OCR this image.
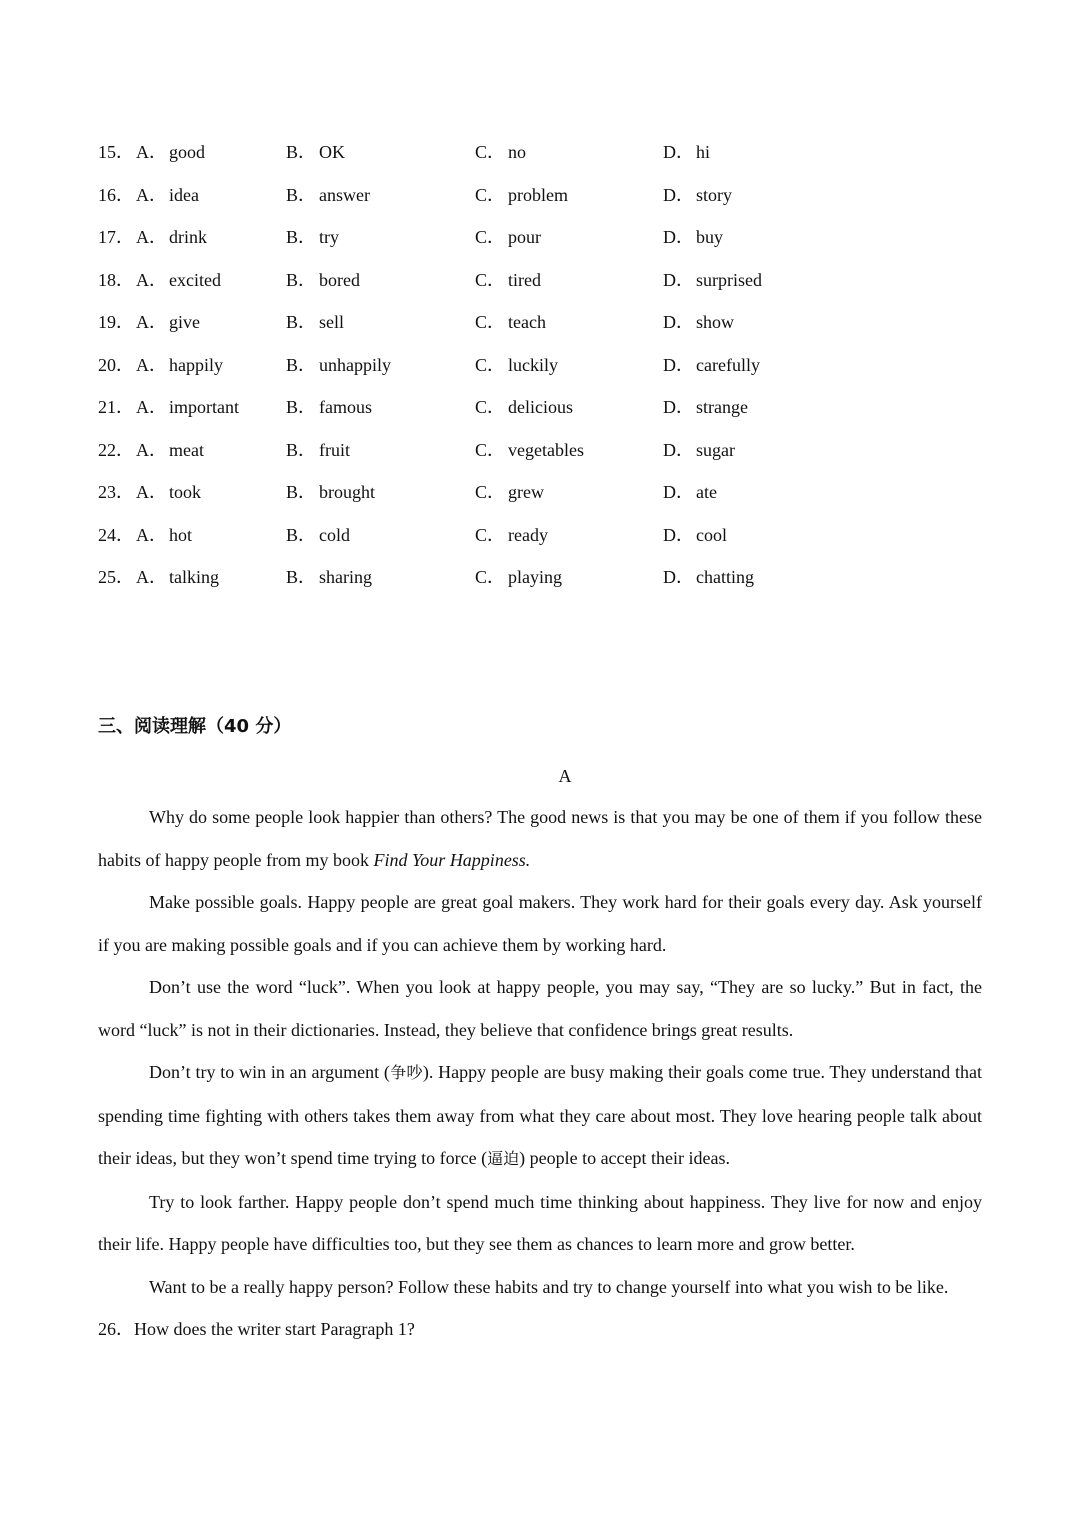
15． A． good	B． OK	C． no	D． hi
16． A． idea	B． answer	C． problem	D． story
17． A． drink	B． try	C． pour	D． buy
18． A． excited	B． bored	C． tired	D． surprised
19． A． give	B． sell	C． teach	D． show
20． A． happily	B． unhappily	C． luckily	D． carefully
21． A． important	B． famous	C． delicious	D． strange
22． A． meat	B． fruit	C． vegetables	D． sugar
23． A． took	B． brought	C． grew	D． ate
24． A． hot	B． cold	C． ready	D． cool
25． A． talking	B． sharing	C． playing	D． chatting
三、阅读理解（40 分）
A

Why do some people look happier than others? The good news is that you may be one of them if you follow these habits of happy people from my book Find Your Happiness.

Make possible goals. Happy people are great goal makers. They work hard for their goals every day. Ask yourself if you are making possible goals and if you can achieve them by working hard.

Don’t use the word “luck”. When you look at happy people, you may say, “They are so lucky.” But in fact, the word “luck” is not in their dictionaries. Instead, they believe that confidence brings great results.

Don’t try to win in an argument (争吵). Happy people are busy making their goals come true. They understand that spending time fighting with others takes them away from what they care about most. They love hearing people talk about their ideas, but they won’t spend time trying to force (逼迫) people to accept their ideas.

Try to look farther. Happy people don’t spend much time thinking about happiness. They live for now and enjoy their life. Happy people have difficulties too, but they see them as chances to learn more and grow better.

Want to be a really happy person? Follow these habits and try to change yourself into what you wish to be like.

26．How does the writer start Paragraph 1?
